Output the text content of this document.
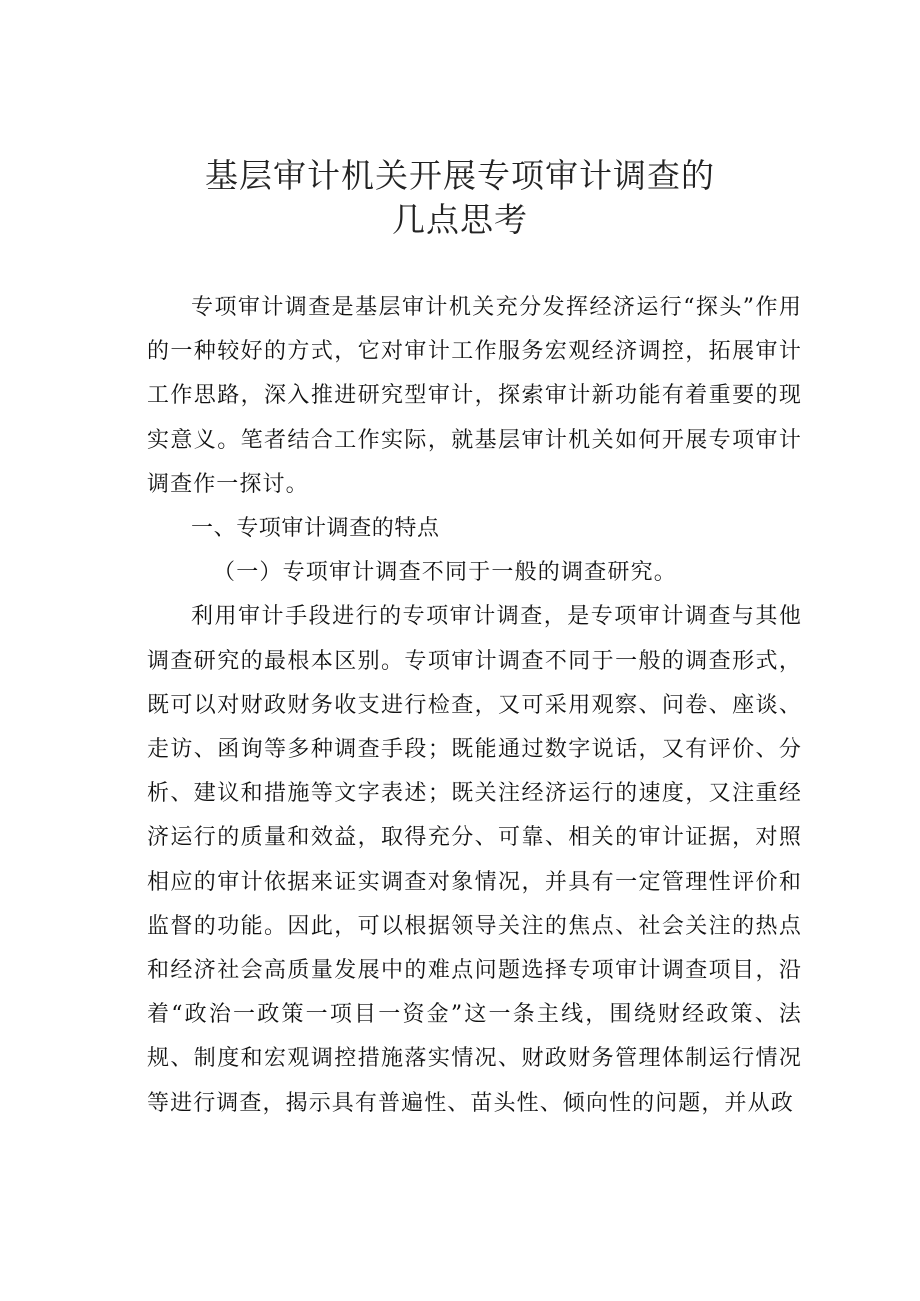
基层审计机关开展专项审计调查的
几点思考

专项审计调查是基层审计机关充分发挥经济运行“探头”作用的一种较好的方式，它对审计工作服务宏观经济调控，拓展审计工作思路，深入推进研究型审计，探索审计新功能有着重要的现实意义。笔者结合工作实际，就基层审计机关如何开展专项审计调查作一探讨。

一、专项审计调查的特点

（一）专项审计调查不同于一般的调查研究。

利用审计手段进行的专项审计调查，是专项审计调查与其他调查研究的最根本区别。专项审计调查不同于一般的调查形式，既可以对财政财务收支进行检查，又可采用观察、问卷、座谈、走访、函询等多种调查手段；既能通过数字说话，又有评价、分析、建议和措施等文字表述；既关注经济运行的速度，又注重经济运行的质量和效益，取得充分、可靠、相关的审计证据，对照相应的审计依据来证实调查对象情况，并具有一定管理性评价和监督的功能。因此，可以根据领导关注的焦点、社会关注的热点和经济社会高质量发展中的难点问题选择专项审计调查项目，沿着“政治一政策一项目一资金”这一条主线，围绕财经政策、法规、制度和宏观调控措施落实情况、财政财务管理体制运行情况等进行调查，揭示具有普遍性、苗头性、倾向性的问题，并从政
